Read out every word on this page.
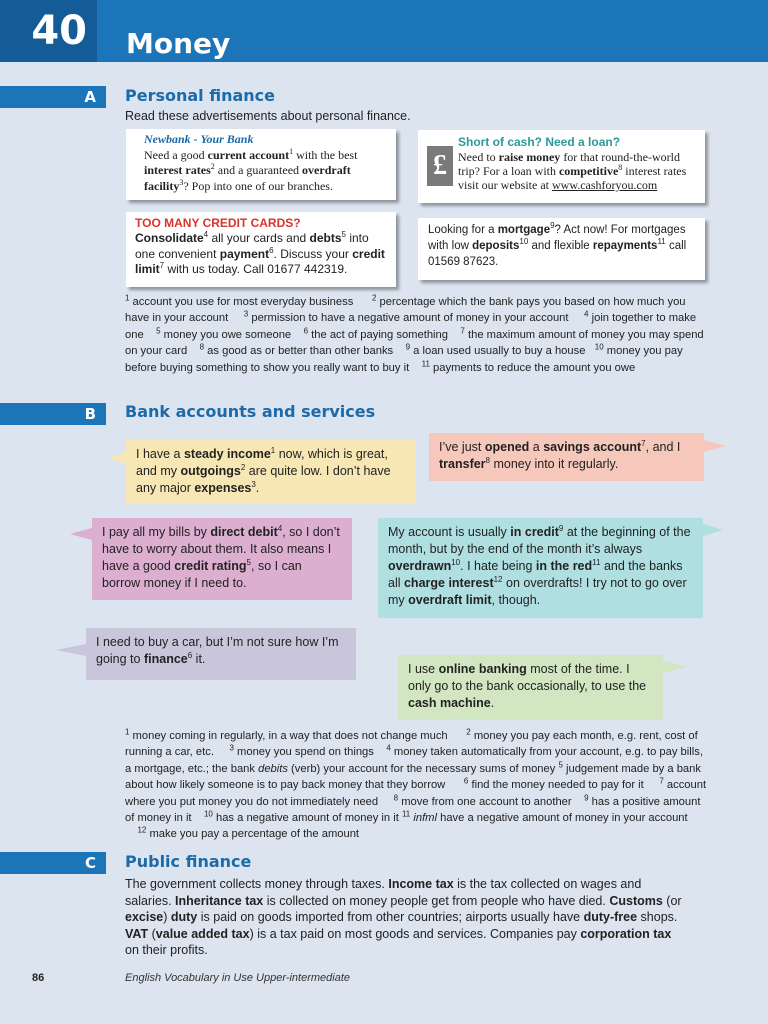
40	Money
A	Personal finance
Read these advertisements about personal finance.
Newbank - Your Bank
Need a good current account$^1$ with the best interest rates$^2$ and a guaranteed overdraft facility$^3$? Pop into one of our branches.
£
Short of cash? Need a loan?
Need to raise money for that round-the-world trip? For a loan with competitive$^8$ interest rates visit our website at www.cashforyou.com
TOO MANY CREDIT CARDS?
Consolidate$^4$ all your cards and debts$^5$ into one convenient payment$^6$. Discuss your credit limit$^7$ with us today. Call 01677 442319.
Looking for a mortgage$^9$? Act now! For mortgages with low deposits$^{10}$ and flexible repayments$^{11}$ call 01569 87623.
$^1$ account you use for most everyday business      $^2$ percentage which the bank pays you based on how much you have in your account     $^3$ permission to have a negative amount of money in your account     $^4$ join together to make one    $^5$ money you owe someone    $^6$ the act of paying something    $^7$ the maximum amount of money you may spend on your card    $^8$ as good as or better than other banks    $^9$ a loan used usually to buy a house   $^{10}$ money you pay before buying something to show you really want to buy it    $^{11}$ payments to reduce the amount you owe
B	Bank accounts and services
I have a steady income$^1$ now, which is great, and my outgoings$^2$ are quite low. I don’t have any major expenses$^3$.
I’ve just opened a savings account$^7$, and I transfer$^8$ money into it regularly.
I pay all my bills by direct debit$^4$, so I don’t have to worry about them. It also means I have a good credit rating$^5$, so I can borrow money if I need to.
My account is usually in credit$^9$ at the beginning of the month, but by the end of the month it’s always overdrawn$^{10}$. I hate being in the red$^{11}$ and the banks all charge interest$^{12}$ on overdrafts! I try not to go over my overdraft limit, though.
I need to buy a car, but I’m not sure how I’m going to finance$^6$ it.
I use online banking most of the time. I only go to the bank occasionally, to use the cash machine.
$^1$ money coming in regularly, in a way that does not change much      $^2$ money you pay each month, e.g. rent, cost of running a car, etc.     $^3$ money you spend on things    $^4$ money taken automatically from your account, e.g. to pay bills, a mortgage, etc.; the bank debits (verb) your account for the necessary sums of money $^5$ judgement made by a bank about how likely someone is to pay back money that they borrow      $^6$ find the money needed to pay for it     $^7$ account where you put money you do not immediately need     $^8$ move from one account to another    $^9$ has a positive amount of money in it    $^{10}$ has a negative amount of money in it $^{11}$ infml have a negative amount of money in your account     $^{12}$ make you pay a percentage of the amount
C	Public finance
The government collects money through taxes. Income tax is the tax collected on wages and salaries. Inheritance tax is collected on money people get from people who have died. Customs (or excise) duty is paid on goods imported from other countries; airports usually have duty-free shops. VAT (value added tax) is a tax paid on most goods and services. Companies pay corporation tax on their profits.
86	English Vocabulary in Use Upper-intermediate
